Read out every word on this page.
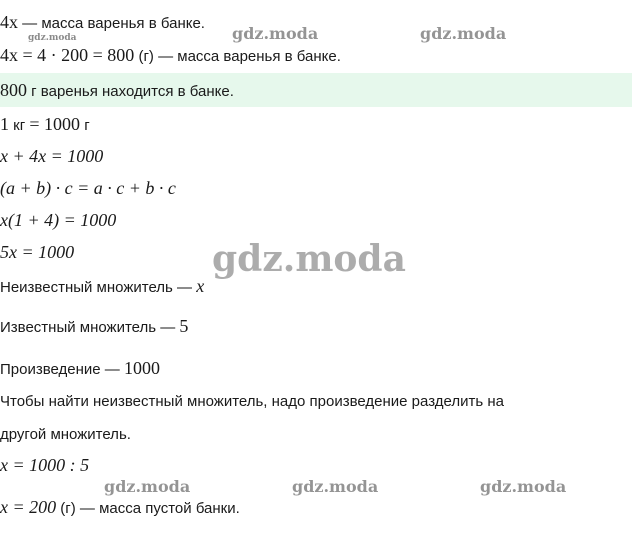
4x — масса варенья в банке.
4x = 4 · 200 = 800 (г) — масса варенья в банке.
800 г варенья находится в банке.
1 кг = 1000 г
x + 4x = 1000
(a + b) · c = a · c + b · c
x(1 + 4) = 1000
5x = 1000
Неизвестный множитель — x
Известный множитель — 5
Произведение — 1000
Чтобы найти неизвестный множитель, надо произведение разделить на
другой множитель.
x = 1000 : 5
x = 200 (г) — масса пустой банки.
gdz.moda	gdz.moda	gdz.moda
gdz.moda
gdz.moda	gdz.moda	gdz.moda
